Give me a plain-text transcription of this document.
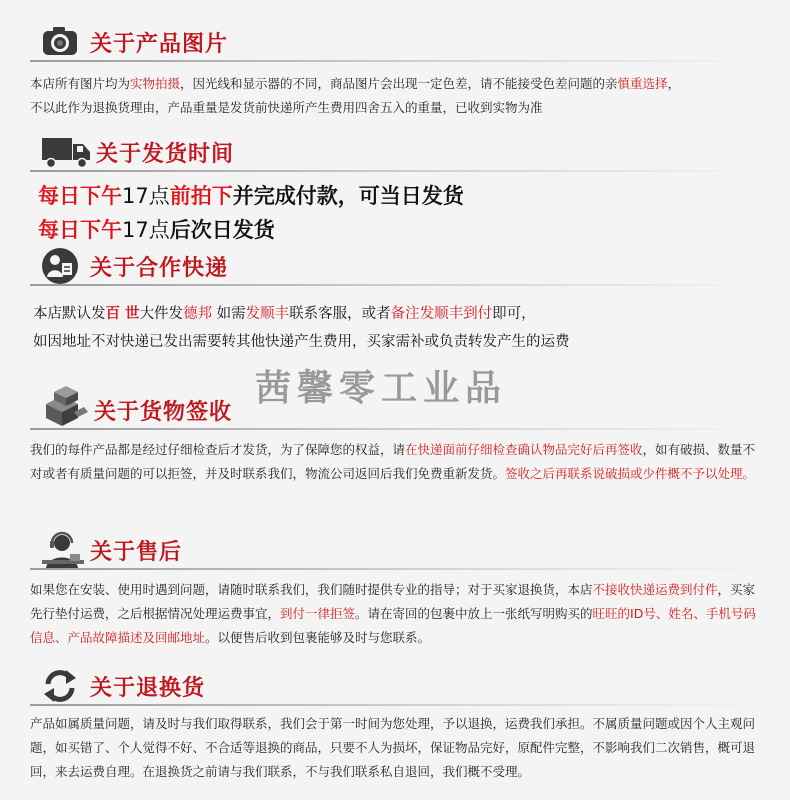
关于产品图片
本店所有图片均为实物拍摄，因光线和显示器的不同，商品图片会出现一定色差，请不能接受色差问题的亲慎重选择，
不以此作为退换货理由，产品重量是发货前快递所产生费用四舍五入的重量，已收到实物为准
关于发货时间
每日下午17点前拍下并完成付款，可当日发货
每日下午17点后次日发货
关于合作快递
本店默认发百 世大件发德邦 如需发顺丰联系客服，或者备注发顺丰到付即可，
如因地址不对快递已发出需要转其他快递产生费用，买家需补或负责转发产生的运费
茜馨零工业品
关于货物签收
我们的每件产品都是经过仔细检查后才发货，为了保障您的权益，请在快递面前仔细检查确认物品完好后再签收，如有破损、数量不对或者有质量问题的可以拒签，并及时联系我们，物流公司返回后我们免费重新发货。签收之后再联系说破损或少件概不予以处理。
关于售后
如果您在安装、使用时遇到问题，请随时联系我们，我们随时提供专业的指导；对于买家退换货，本店不接收快递运费到付件，买家先行垫付运费，之后根据情况处理运费事宜，到付一律拒签。请在寄回的包裹中放上一张纸写明购买的旺旺的ID号、姓名、手机号码信息、产品故障描述及回邮地址。以便售后收到包裹能够及时与您联系。
关于退换货
产品如属质量问题，请及时与我们取得联系，我们会于第一时间为您处理，予以退换，运费我们承担。不属质量问题或因个人主观问题，如买错了、个人觉得不好、不合适等退换的商品，只要不人为损坏，保证物品完好，原配件完整，不影响我们二次销售，概可退回，来去运费自理。在退换货之前请与我们联系，不与我们联系私自退回，我们概不受理。
